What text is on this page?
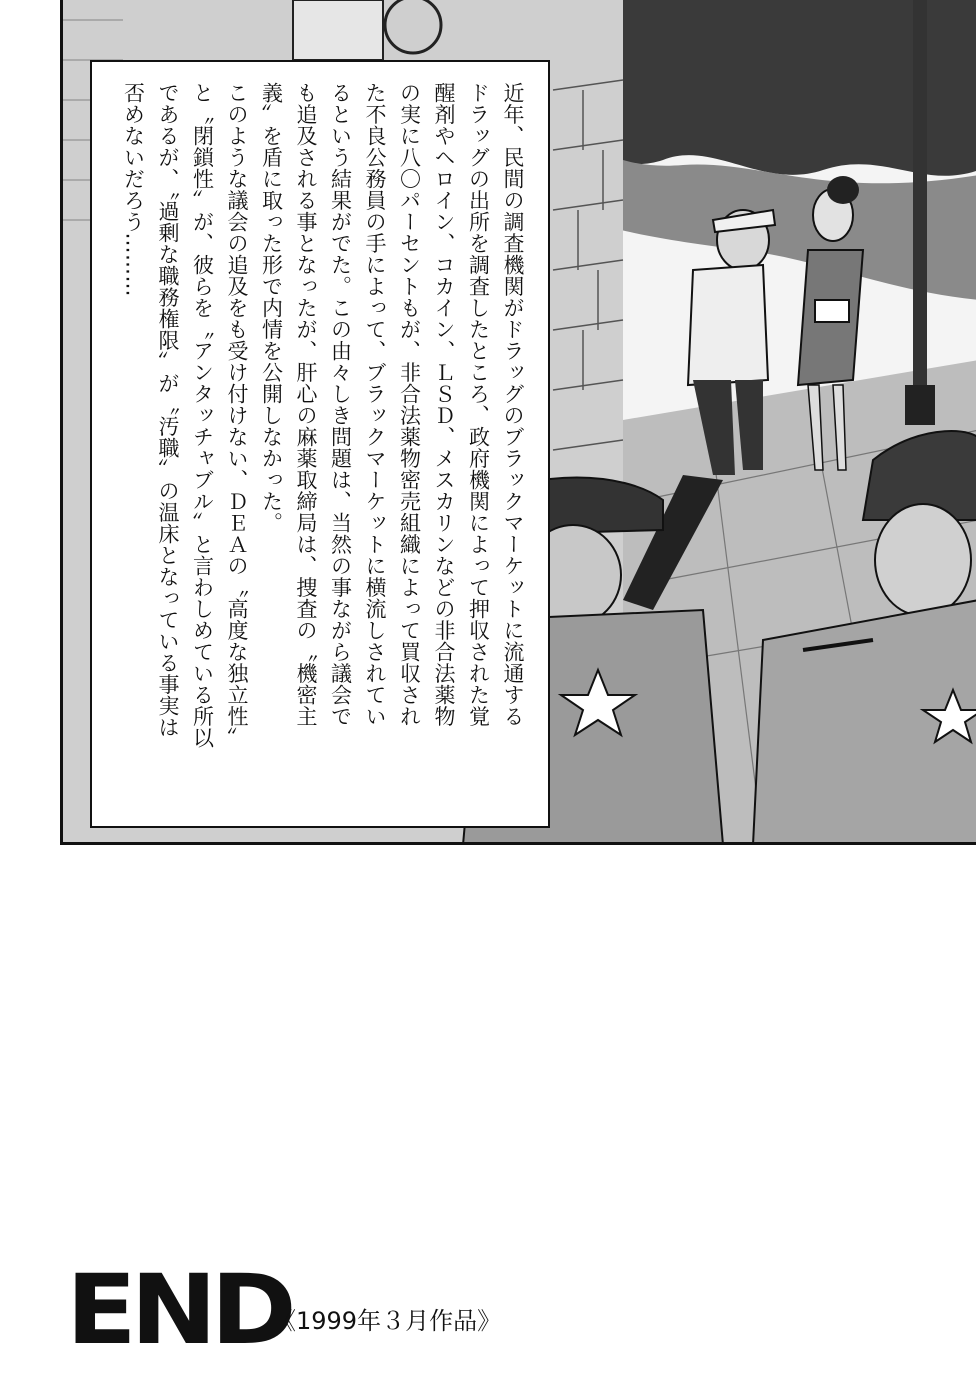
近年、民間の調査機関がドラッグのブラックマーケットに流通する
ドラッグの出所を調査したところ、政府機関によって押収された覚
醒剤やヘロイン、コカイン、ＬＳＤ、メスカリンなどの非合法薬物
の実に八〇パーセントもが、非合法薬物密売組織によって買収され
た不良公務員の手によって、ブラックマーケットに横流しされてい
るという結果がでた。この由々しき問題は、当然の事ながら議会で
も追及される事となったが、肝心の麻薬取締局は、捜査の〝機密主
義〟を盾に取った形で内情を公開しなかった。
このような議会の追及をも受け付けない、ＤＥＡの〝高度な独立性〟
と〝閉鎖性〟が、彼らを〝アンタッチャブル〟と言わしめている所以
であるが、〝過剰な職務権限〟が〝汚職〟の温床となっている事実は
否めないだろう………
END
《1999年３月作品》
